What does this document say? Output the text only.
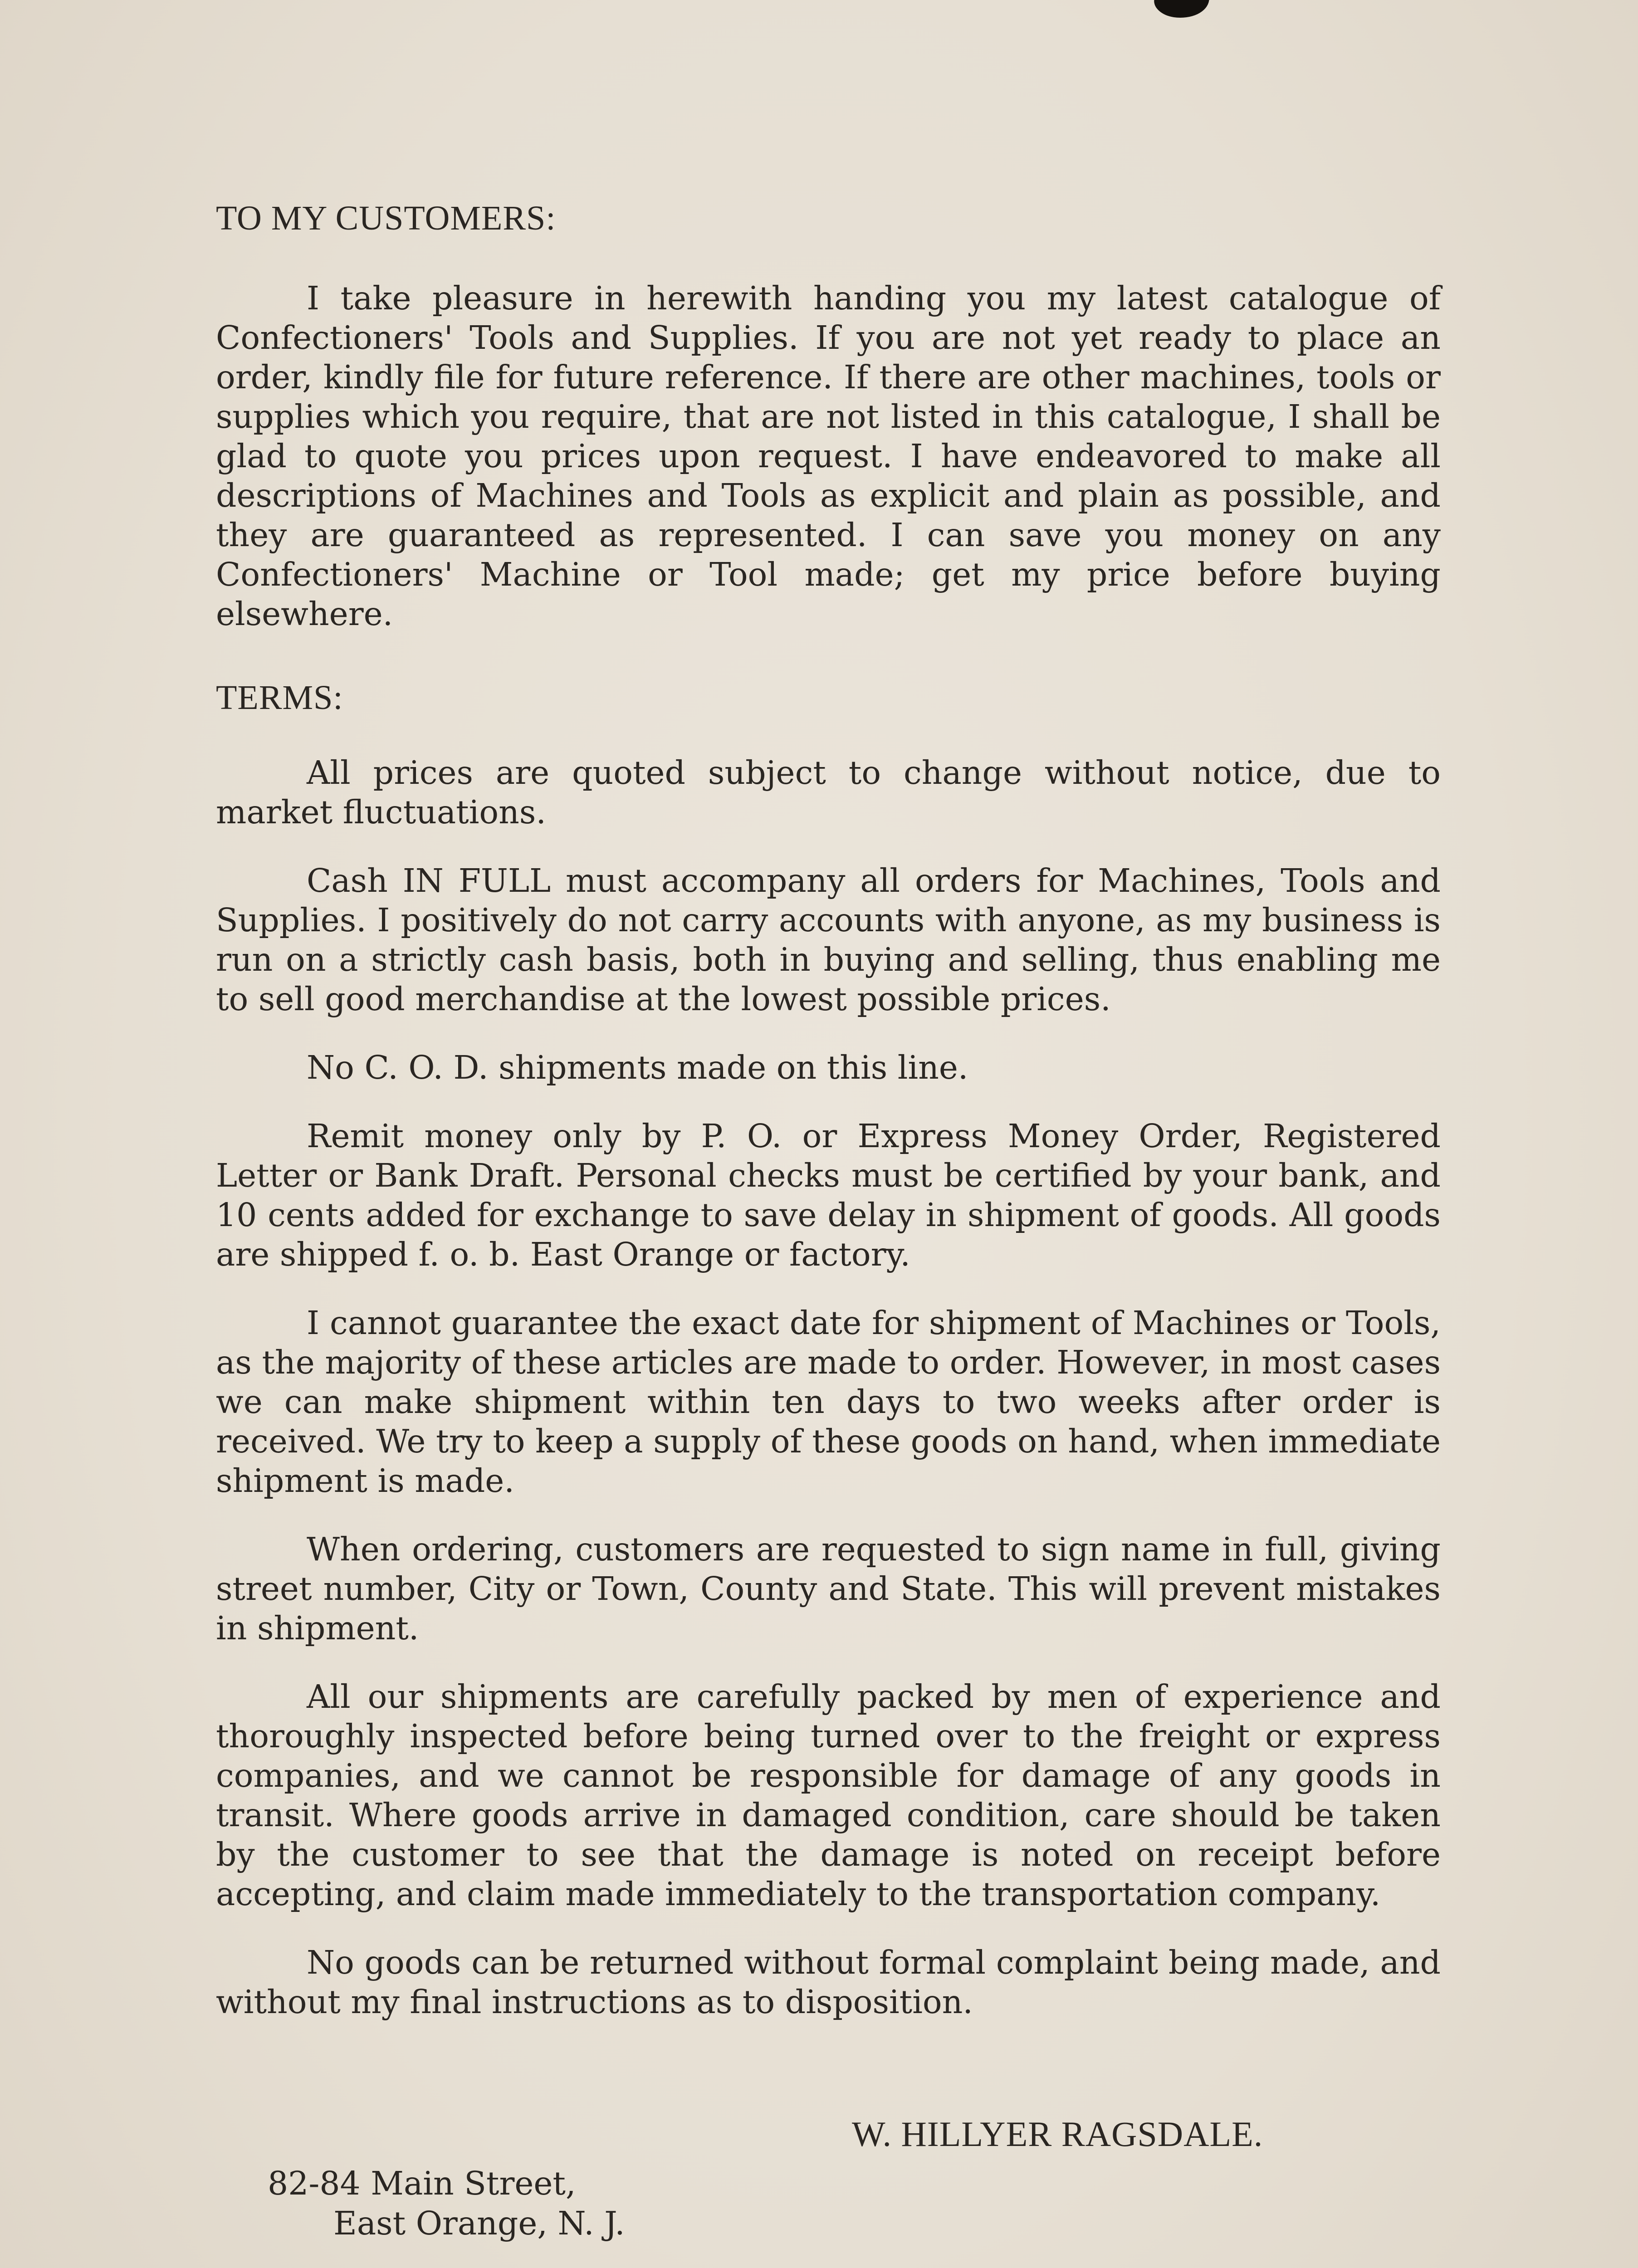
TO MY CUSTOMERS:

I take pleasure in herewith handing you my latest catalogue of Confectioners' Tools and Supplies. If you are not yet ready to place an order, kindly file for future reference. If there are other machines, tools or supplies which you require, that are not listed in this catalogue, I shall be glad to quote you prices upon request. I have endeavored to make all descriptions of Machines and Tools as explicit and plain as possible, and they are guaranteed as represented. I can save you money on any Confectioners' Machine or Tool made; get my price before buying elsewhere.

TERMS:

All prices are quoted subject to change without notice, due to market fluctuations.

Cash IN FULL must accompany all orders for Machines, Tools and Supplies. I positively do not carry accounts with anyone, as my business is run on a strictly cash basis, both in buying and selling, thus enabling me to sell good merchandise at the lowest possible prices.

No C. O. D. shipments made on this line.

Remit money only by P. O. or Express Money Order, Registered Letter or Bank Draft. Personal checks must be certified by your bank, and 10 cents added for exchange to save delay in shipment of goods. All goods are shipped f. o. b. East Orange or factory.

I cannot guarantee the exact date for shipment of Machines or Tools, as the majority of these articles are made to order. However, in most cases we can make shipment within ten days to two weeks after order is received. We try to keep a supply of these goods on hand, when immediate shipment is made.

When ordering, customers are requested to sign name in full, giving street number, City or Town, County and State. This will prevent mistakes in shipment.

All our shipments are carefully packed by men of experience and thoroughly inspected before being turned over to the freight or express companies, and we cannot be responsible for damage of any goods in transit. Where goods arrive in damaged condition, care should be taken by the customer to see that the damage is noted on receipt before accepting, and claim made immediately to the transportation company.

No goods can be returned without formal complaint being made, and without my final instructions as to disposition.

W. HILLYER RAGSDALE.
82-84 Main Street,
East Orange, N. J.
